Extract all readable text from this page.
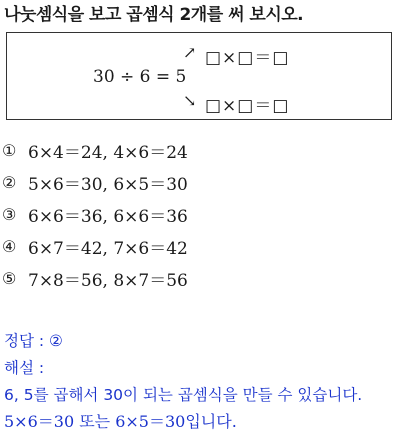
나눗셈식을 보고 곱셈식 2개를 써 보시오.
30 ÷ 6 = 5
↗
↘
□×□＝□
□×□＝□
① 6×4＝24, 4×6＝24
② 5×6＝30, 6×5＝30
③ 6×6＝36, 6×6＝36
④ 6×7＝42, 7×6＝42
⑤ 7×8＝56, 8×7＝56
정답 : ②
해설 :
6, 5를 곱해서 30이 되는 곱셈식을 만들 수 있습니다.
5×6＝30 또는 6×5＝30입니다.
